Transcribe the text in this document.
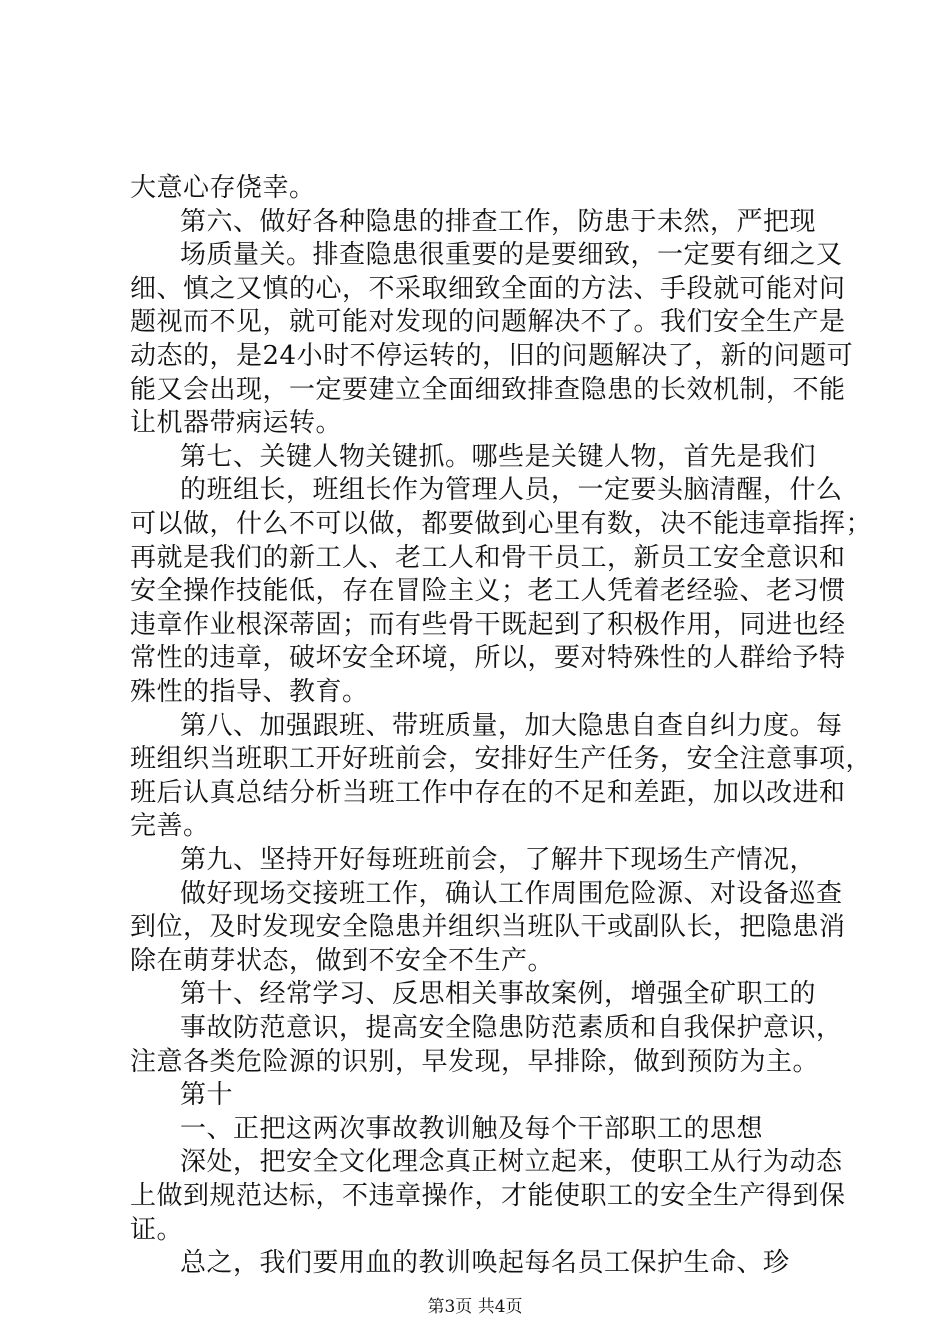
大意心存侥幸。

第六、做好各种隐患的排查工作，防患于未然，严把现

场质量关。排查隐患很重要的是要细致，一定要有细之又

细、慎之又慎的心，不采取细致全面的方法、手段就可能对问

题视而不见，就可能对发现的问题解决不了。我们安全生产是

动态的，是24小时不停运转的，旧的问题解决了，新的问题可

能又会出现，一定要建立全面细致排查隐患的长效机制，不能

让机器带病运转。

第七、关键人物关键抓。哪些是关键人物，首先是我们

的班组长，班组长作为管理人员，一定要头脑清醒，什么

可以做，什么不可以做，都要做到心里有数，决不能违章指挥；

再就是我们的新工人、老工人和骨干员工，新员工安全意识和

安全操作技能低，存在冒险主义；老工人凭着老经验、老习惯

违章作业根深蒂固；而有些骨干既起到了积极作用，同进也经

常性的违章，破坏安全环境，所以，要对特殊性的人群给予特

殊性的指导、教育。

第八、加强跟班、带班质量，加大隐患自查自纠力度。每

班组织当班职工开好班前会，安排好生产任务，安全注意事项，

班后认真总结分析当班工作中存在的不足和差距，加以改进和

完善。

第九、坚持开好每班班前会，了解井下现场生产情况，

做好现场交接班工作，确认工作周围危险源、对设备巡查

到位，及时发现安全隐患并组织当班队干或副队长，把隐患消

除在萌芽状态，做到不安全不生产。

第十、经常学习、反思相关事故案例，增强全矿职工的

事故防范意识，提高安全隐患防范素质和自我保护意识，

注意各类危险源的识别，早发现，早排除，做到预防为主。

第十

一、正把这两次事故教训触及每个干部职工的思想

深处，把安全文化理念真正树立起来，使职工从行为动态

上做到规范达标，不违章操作，才能使职工的安全生产得到保

证。

总之，我们要用血的教训唤起每名员工保护生命、珍

第3页 共4页
